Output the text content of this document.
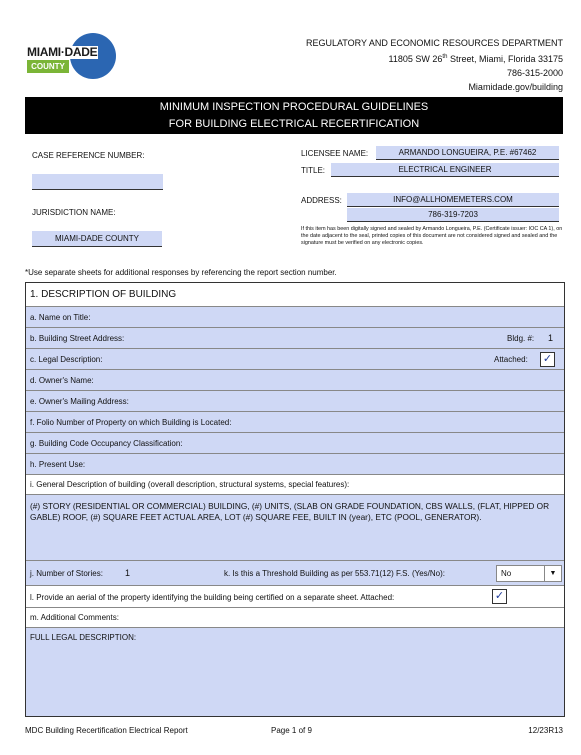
MIAMI·DADE
COUNTY
REGULATORY AND ECONOMIC RESOURCES DEPARTMENT
11805 SW 26th Street, Miami, Florida 33175
786-315-2000
Miamidade.gov/building
MINIMUM INSPECTION PROCEDURAL GUIDELINES
FOR BUILDING ELECTRICAL RECERTIFICATION
CASE REFERENCE NUMBER:
JURISDICTION NAME:
MIAMI-DADE COUNTY
LICENSEE NAME:	ARMANDO LONGUEIRA, P.E. #67462
TITLE:	ELECTRICAL ENGINEER
ADDRESS:	INFO@ALLHOMEMETERS.COM
786-319-7203
If this item has been digitally signed and sealed by Armando Longueira, P.E. (Certificate issuer: IOC CA 1), on the date adjacent to the seal, printed copies of this document are not considered signed and sealed and the signature must be verified on any electronic copies.
*Use separate sheets for additional responses by referencing the report section number.
1. DESCRIPTION OF BUILDING
a. Name on Title:
b. Building Street Address:	Bldg. #: 1
c. Legal Description:	Attached: ✓
d. Owner's Name:
e. Owner's Mailing Address:
f. Folio Number of Property on which Building is Located:
g. Building Code Occupancy Classification:
h. Present Use:
i. General Description of building (overall description, structural systems, special features):
(#) STORY (RESIDENTIAL OR COMMERCIAL) BUILDING, (#) UNITS, (SLAB ON GRADE FOUNDATION, CBS WALLS, (FLAT, HIPPED OR GABLE) ROOF, (#) SQUARE FEET ACTUAL AREA, LOT (#) SQUARE FEE, BUILT IN (year), ETC (POOL, GENERATOR).
j. Number of Stories: 1	k. Is this a Threshold Building as per 553.71(12) F.S. (Yes/No):	No	▼
l. Provide an aerial of the property identifying the building being certified on a separate sheet. Attached:	✓
m. Additional Comments:
FULL LEGAL DESCRIPTION:
MDC Building Recertification Electrical Report	Page 1 of 9	12/23R13
